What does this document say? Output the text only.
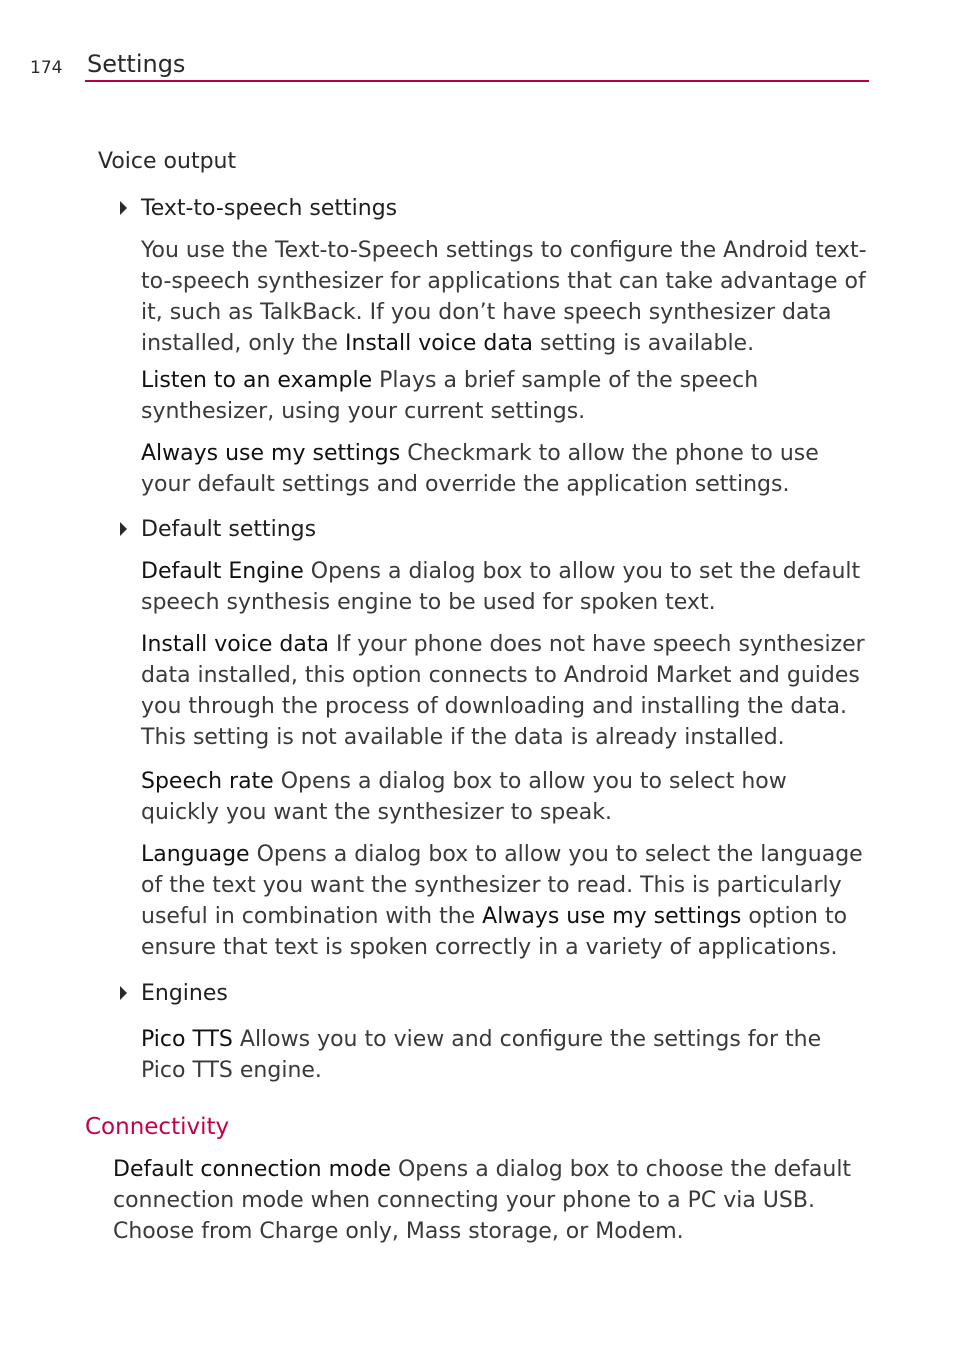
174 Settings
Voice output
Text-to-speech settings

You use the Text-to-Speech settings to configure the Android text-to-speech synthesizer for applications that can take advantage of it, such as TalkBack. If you don’t have speech synthesizer data installed, only the Install voice data setting is available.

Listen to an example Plays a brief sample of the speech synthesizer, using your current settings.

Always use my settings Checkmark to allow the phone to use your default settings and override the application settings.

Default settings

Default Engine Opens a dialog box to allow you to set the default speech synthesis engine to be used for spoken text.

Install voice data If your phone does not have speech synthesizer data installed, this option connects to Android Market and guides you through the process of downloading and installing the data. This setting is not available if the data is already installed.

Speech rate Opens a dialog box to allow you to select how quickly you want the synthesizer to speak.

Language Opens a dialog box to allow you to select the language of the text you want the synthesizer to read. This is particularly useful in combination with the Always use my settings option to ensure that text is spoken correctly in a variety of applications.

Engines

Pico TTS Allows you to view and configure the settings for the Pico TTS engine.

Connectivity

Default connection mode Opens a dialog box to choose the default connection mode when connecting your phone to a PC via USB. Choose from Charge only, Mass storage, or Modem.
